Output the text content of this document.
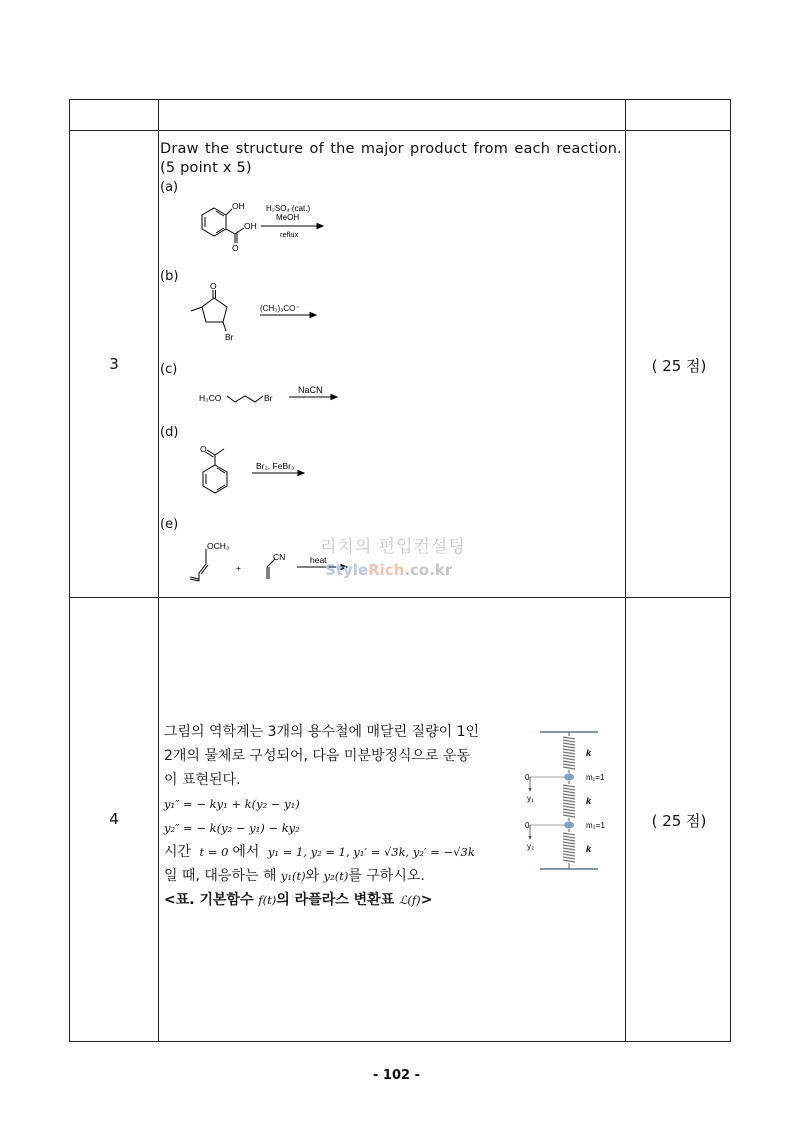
3	( 25 점)
Draw the structure of the major product from each reaction. (5 point x 5)
(a)
(b)
(c)
(d)
(e)
OH
OH
O
H₂SO₄ (cat.)
MeOH
reflux
O
Br
(CH₃)₃CO⁻
H₃CO	Br
NaCN
O
Br₂, FeBr₃
OCH₃
+
CN	heat
리치의 편입컨설팅
StyleRich.co.kr
4	( 25 점)

그림의 역학계는 3개의 용수철에 매달린 질량이 1인

2개의 물체로 구성되어, 다음 미분방정식으로 운동

이 표현된다.

y₁″ = − ky₁ + k(y₂ − y₁)

y₂″ = − k(y₂ − y₁) − ky₂

시간 t = 0 에서 y₁ = 1, y₂ = 1, y₁′ = √3k, y₂′ = −√3k

일 때, 대응하는 해 y₁(t)와 y₂(t)를 구하시오.

<표. 기본함수 f(t)의 라플라스 변환표 ℒ(f)>

0
0
y₁
y₂
k
k
k
m₁=1
m₂=1
- 102 -
